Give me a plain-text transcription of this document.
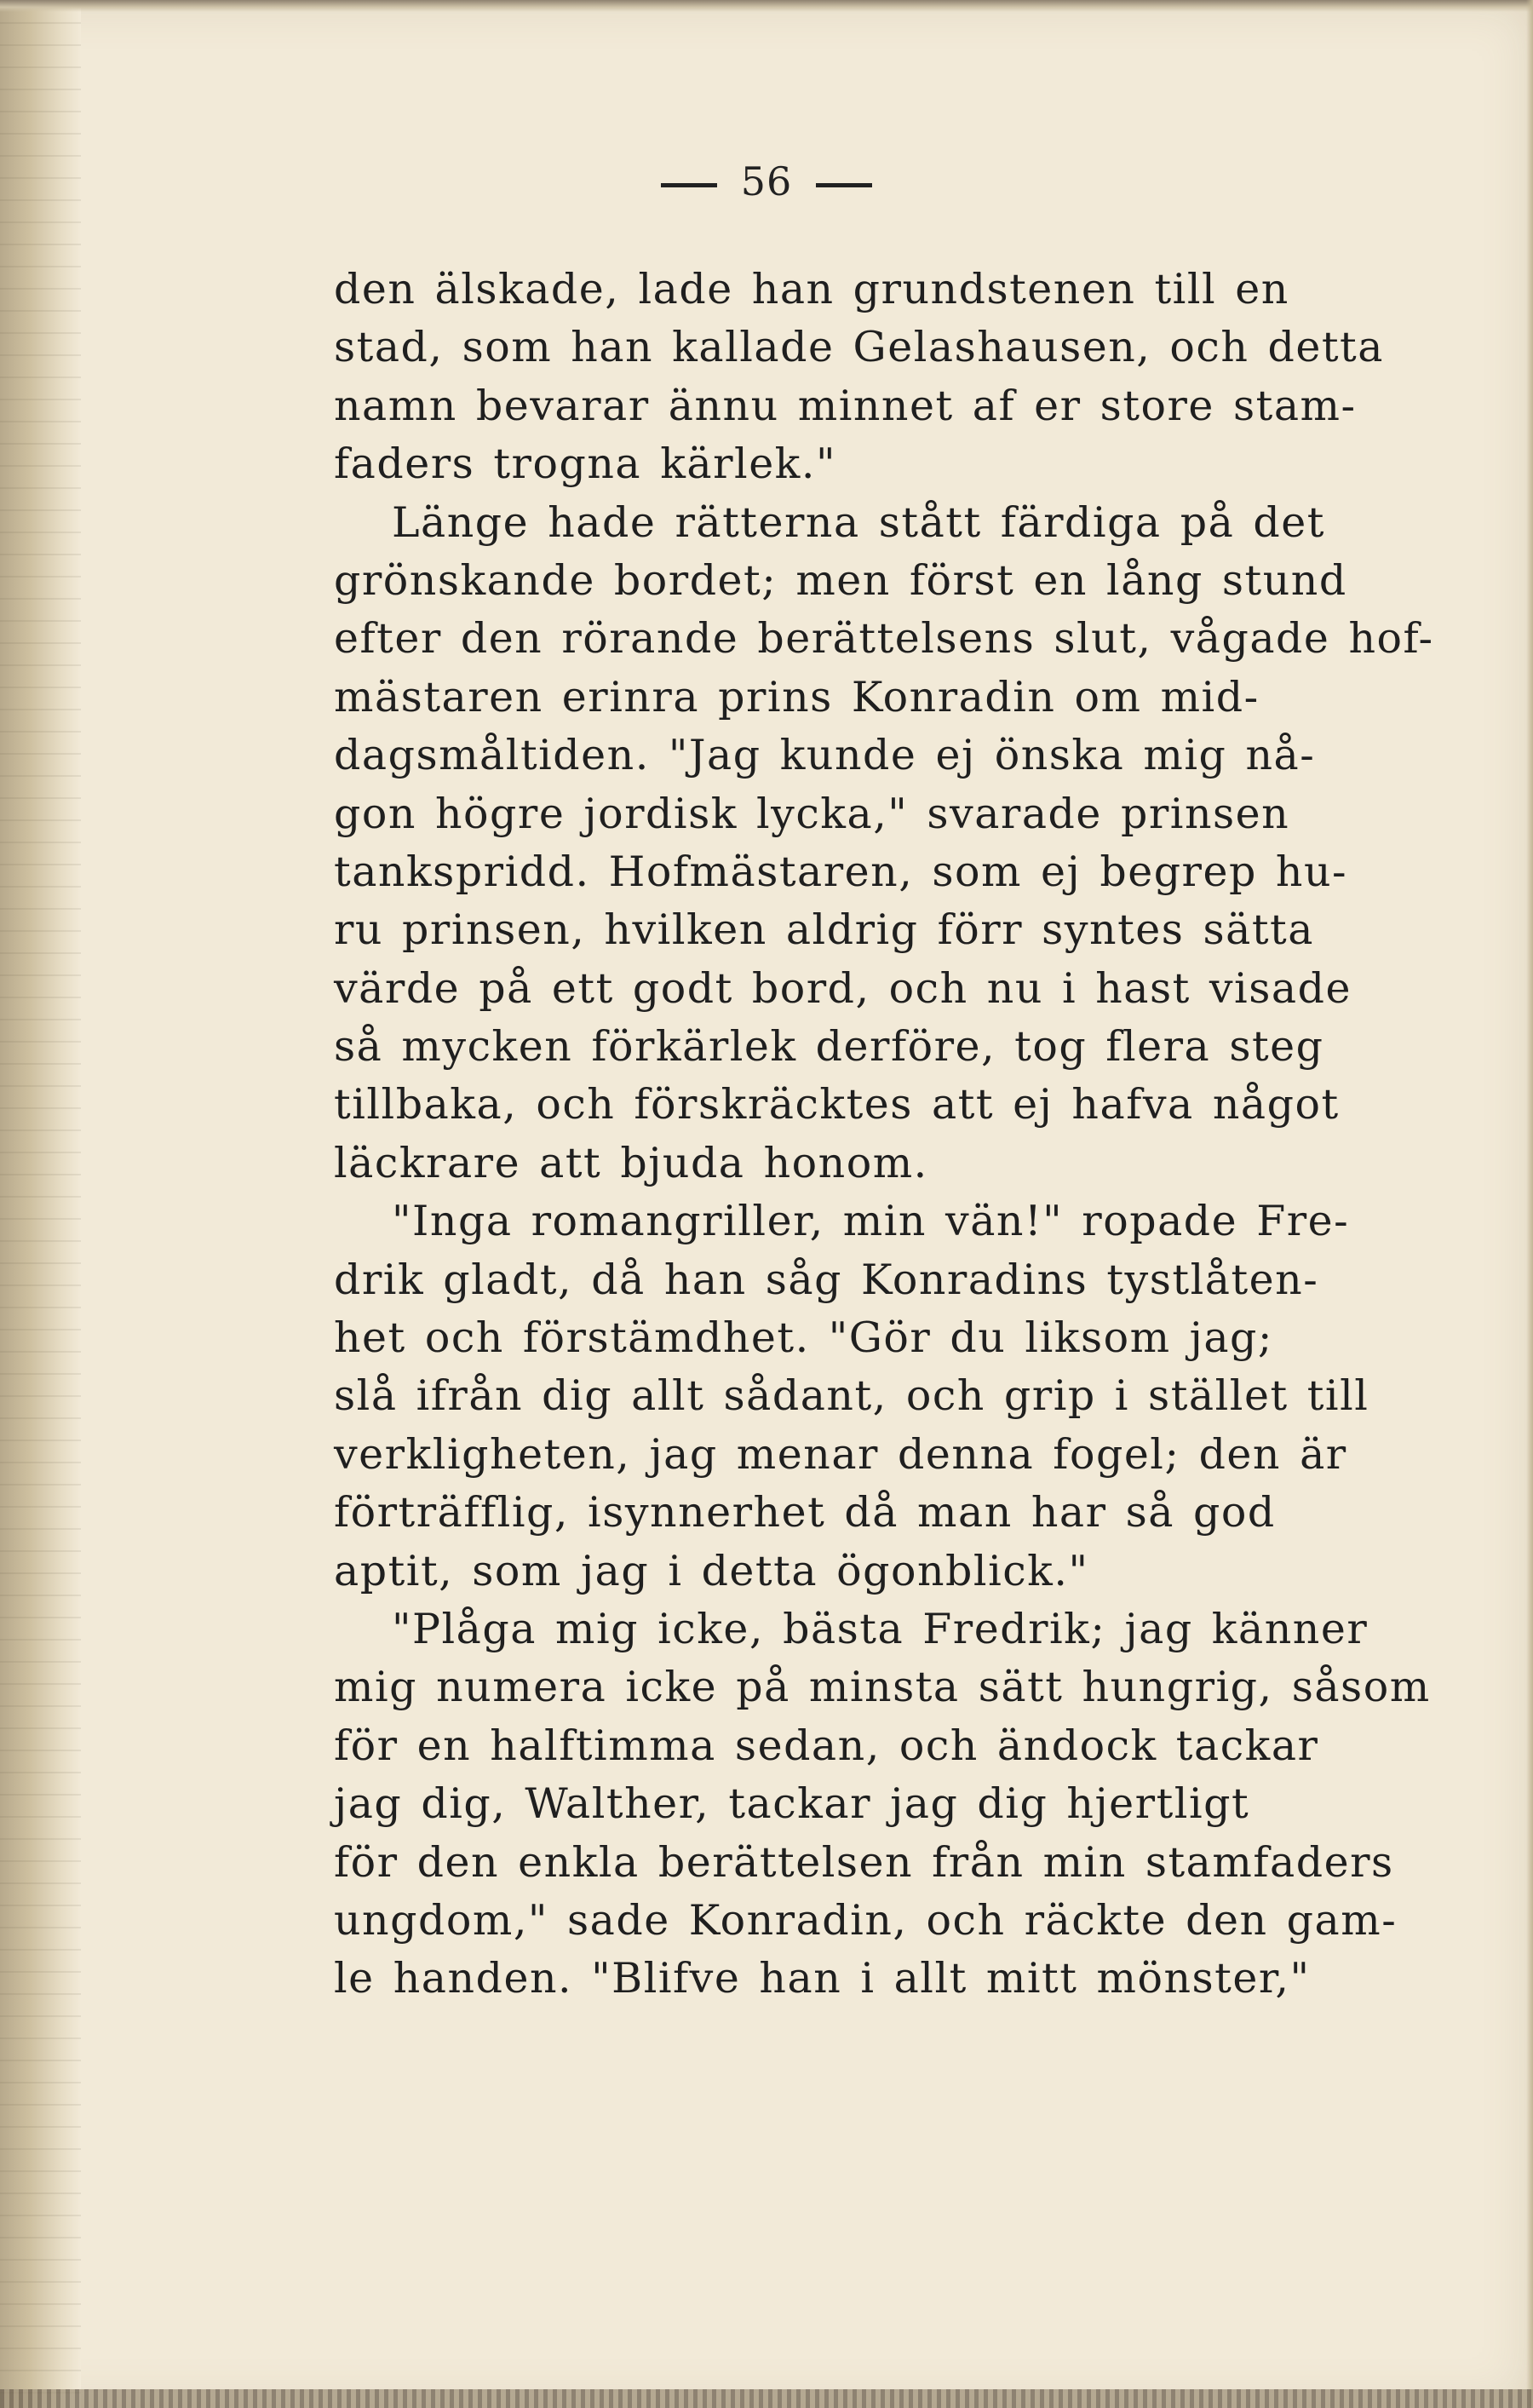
56
den älskade, lade han grundstenen till en
stad, som han kallade Gelashausen, och detta
namn bevarar ännu minnet af er store stam-
faders trogna kärlek."
Länge hade rätterna stått färdiga på det
grönskande bordet; men först en lång stund
efter den rörande berättelsens slut, vågade hof-
mästaren erinra prins Konradin om mid-
dagsmåltiden. "Jag kunde ej önska mig nå-
gon högre jordisk lycka," svarade prinsen
tankspridd. Hofmästaren, som ej begrep hu-
ru prinsen, hvilken aldrig förr syntes sätta
värde på ett godt bord, och nu i hast visade
så mycken förkärlek derföre, tog flera steg
tillbaka, och förskräcktes att ej hafva något
läckrare att bjuda honom.
"Inga romangriller, min vän!" ropade Fre-
drik gladt, då han såg Konradins tystlåten-
het och förstämdhet. "Gör du liksom jag;
slå ifrån dig allt sådant, och grip i stället till
verkligheten, jag menar denna fogel; den är
förträfflig, isynnerhet då man har så god
aptit, som jag i detta ögonblick."
"Plåga mig icke, bästa Fredrik; jag känner
mig numera icke på minsta sätt hungrig, såsom
för en halftimma sedan, och ändock tackar
jag dig, Walther, tackar jag dig hjertligt
för den enkla berättelsen från min stamfaders
ungdom," sade Konradin, och räckte den gam-
le handen. "Blifve han i allt mitt mönster,"
